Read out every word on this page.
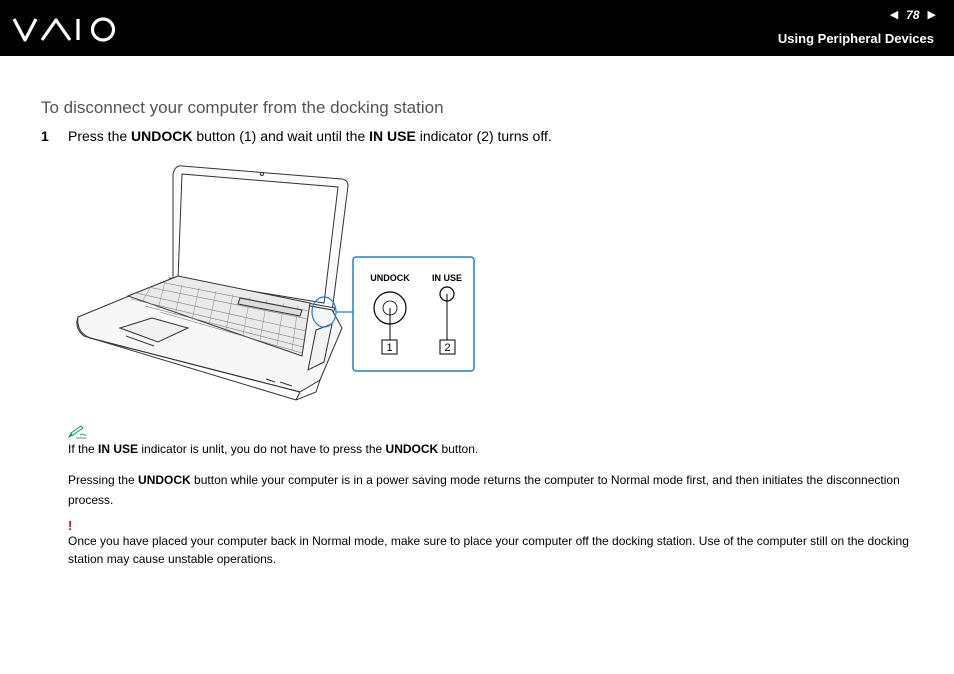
◀ 78 ▶
Using Peripheral Devices
To disconnect your computer from the docking station
1 Press the UNDOCK button (1) and wait until the IN USE indicator (2) turns off.
UNDOCK IN USE
1	2

If the IN USE indicator is unlit, you do not have to press the UNDOCK button.

Pressing the UNDOCK button while your computer is in a power saving mode returns the computer to Normal mode first, and then initiates the disconnection process.

!

Once you have placed your computer back in Normal mode, make sure to place your computer off the docking station. Use of the computer still on the docking station may cause unstable operations.
